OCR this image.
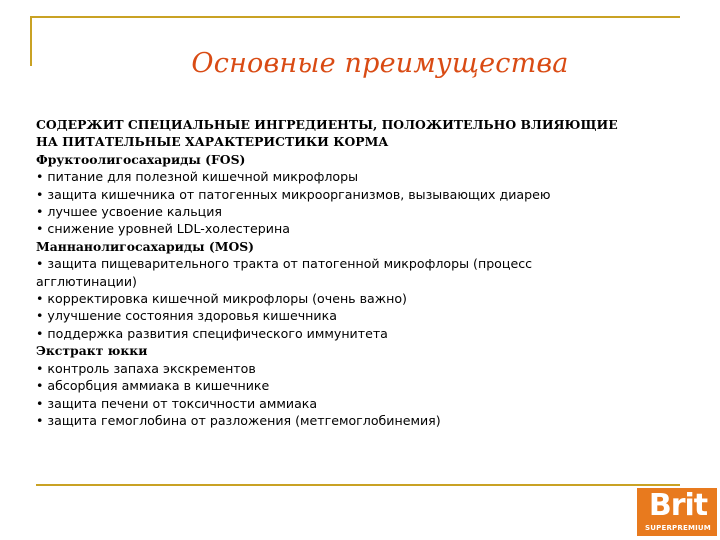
Основные преимущества
СОДЕРЖИТ СПЕЦИАЛЬНЫЕ ИНГРЕДИЕНТЫ, ПОЛОЖИТЕЛЬНО ВЛИЯЮЩИЕ
НА ПИТАТЕЛЬНЫЕ ХАРАКТЕРИСТИКИ КОРМА
Фруктоолигосахариды (FOS)
• питание для полезной кишечной микрофлоры
• защита кишечника от патогенных микроорганизмов, вызывающих диарею
• лучшее усвоение кальция
• снижение уровней LDL-холестерина
Маннанолигосахариды (MOS)
• защита пищеварительного тракта от патогенной микрофлоры (процесс
агглютинации)
• корректировка кишечной микрофлоры (очень важно)
• улучшение состояния здоровья кишечника
• поддержка развития специфического иммунитета
Экстракт юкки
• контроль запаха экскрементов
• абсорбция аммиака в кишечнике
• защита печени от токсичности аммиака
• защита гемоглобина от разложения (метгемоглобинемия)
Brit
SUPERPREMIUM
